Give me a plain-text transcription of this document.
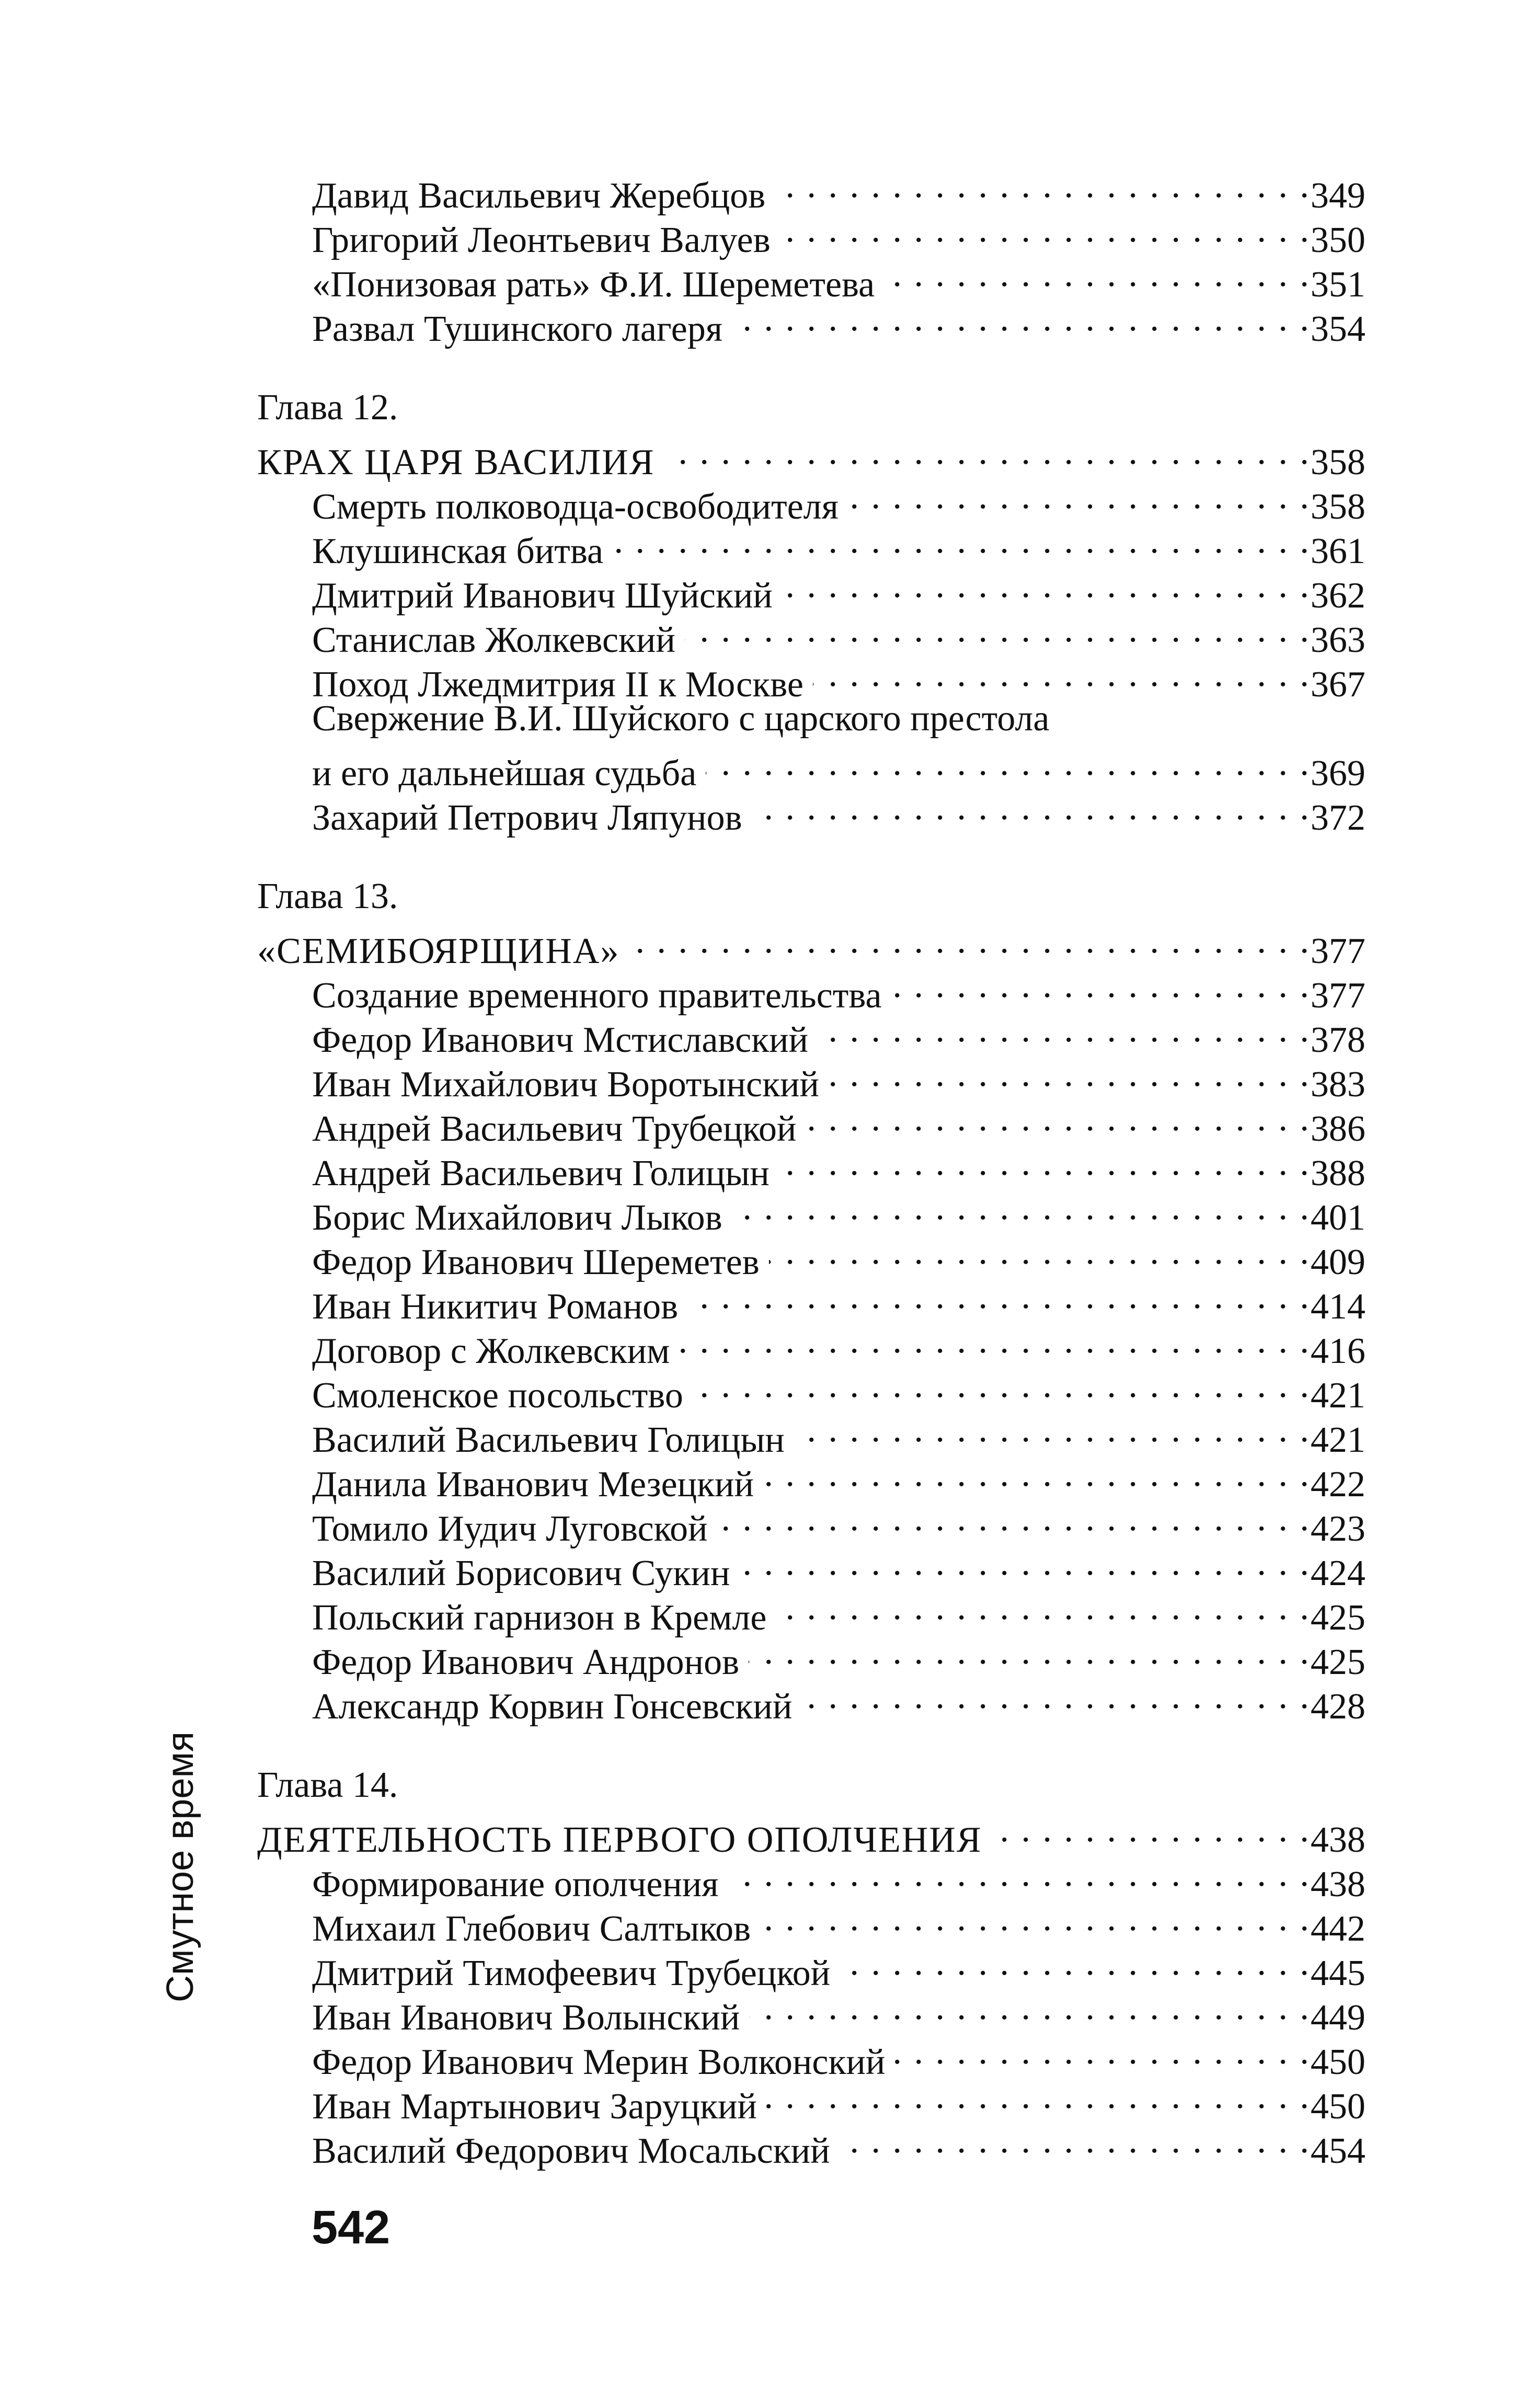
Смутное время
Давид Васильевич Жеребцов . . .	349
Григорий Леонтьевич Валуев . . .	350
«Понизовая рать» Ф.И. Шереметева . . .	351
Развал Тушинского лагеря . . .	354
Глава 12.
КРАХ ЦАРЯ ВАСИЛИЯ . . .	358
Смерть полководца-освободителя . . .	358
Клушинская битва . . .	361
Дмитрий Иванович Шуйский . . .	362
Станислав Жолкевский . . .	363
Поход Лжедмитрия II к Москве . . .	367
Свержение В.И. Шуйского с царского престола
и его дальнейшая судьба . . .	369
Захарий Петрович Ляпунов . . .	372
Глава 13.
«СЕМИБОЯРЩИНА» . . .	377
Создание временного правительства . . .	377
Федор Иванович Мстиславский . . .	378
Иван Михайлович Воротынский . . .	383
Андрей Васильевич Трубецкой . . .	386
Андрей Васильевич Голицын . . .	388
Борис Михайлович Лыков . . .	401
Федор Иванович Шереметев . . .	409
Иван Никитич Романов . . .	414
Договор с Жолкевским . . .	416
Смоленское посольство . . .	421
Василий Васильевич Голицын . . .	421
Данила Иванович Мезецкий . . .	422
Томило Иудич Луговской . . .	423
Василий Борисович Сукин . . .	424
Польский гарнизон в Кремле . . .	425
Федор Иванович Андронов . . .	425
Александр Корвин Гонсевский . . .	428
Глава 14.
ДЕЯТЕЛЬНОСТЬ ПЕРВОГО ОПОЛЧЕНИЯ . . .	438
Формирование ополчения . . .	438
Михаил Глебович Салтыков . . .	442
Дмитрий Тимофеевич Трубецкой . . .	445
Иван Иванович Волынский . . .	449
Федор Иванович Мерин Волконский . . .	450
Иван Мартынович Заруцкий . . .	450
Василий Федорович Мосальский . . .	454
542
